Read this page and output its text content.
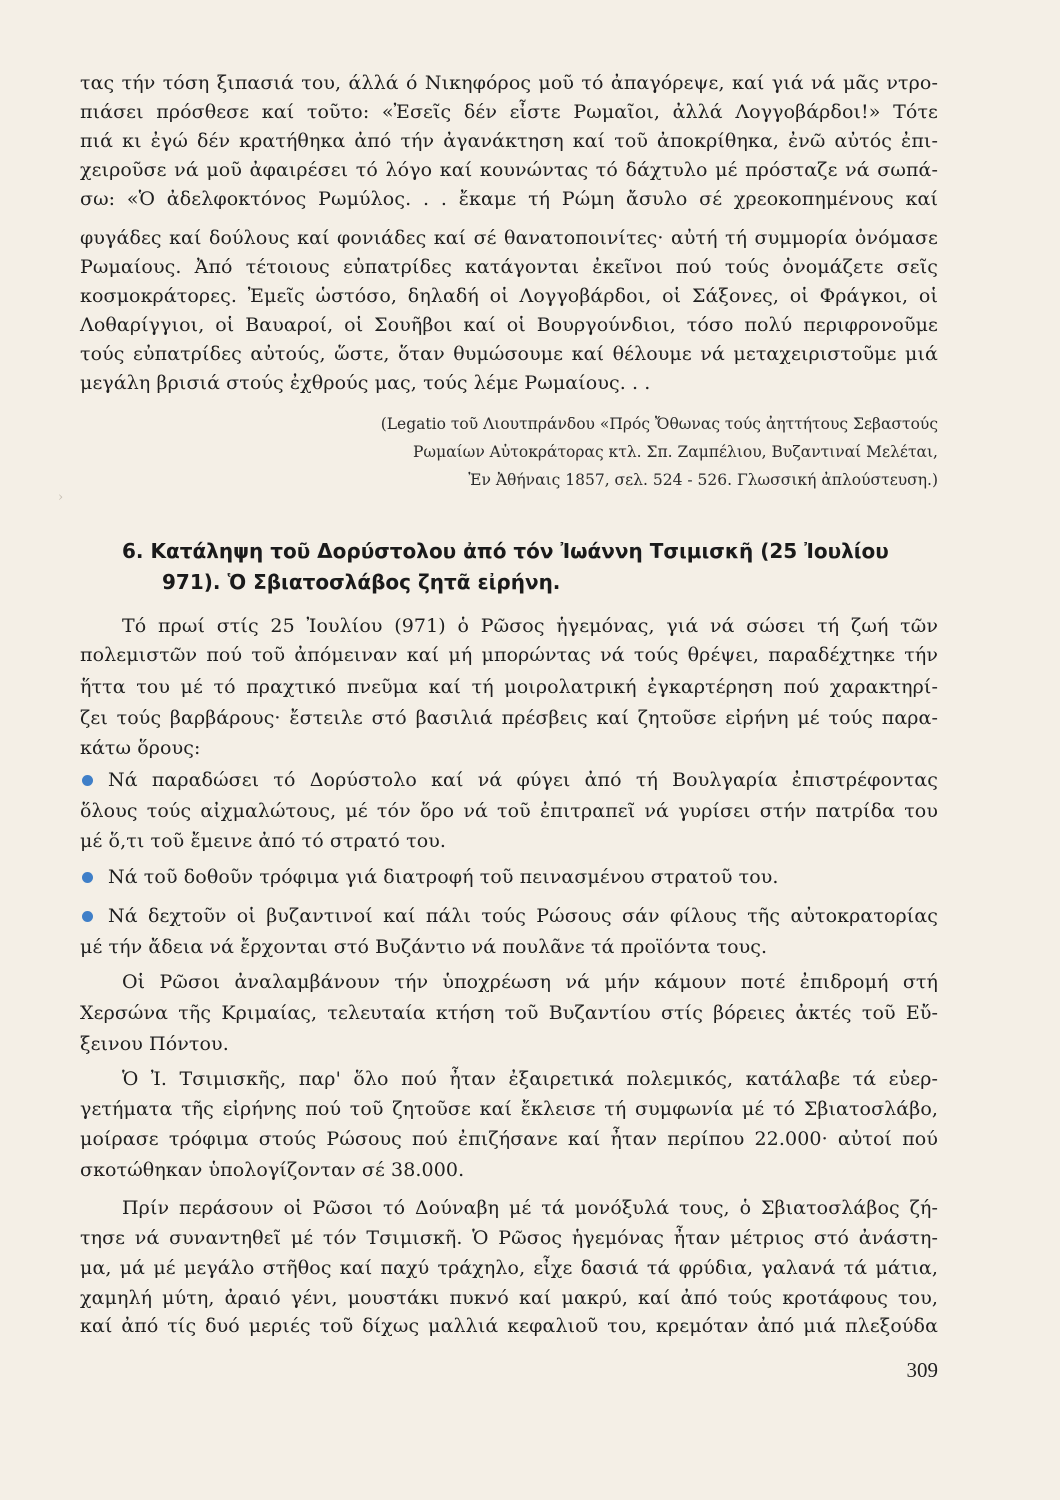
τας τήν τόση ξιπασιά του, άλλά ό Νικηφόρος μοῦ τό ἀπαγόρεψε, καί γιά νά μᾶς ντρο-
πιάσει πρόσθεσε καί τοῦτο: «Ἐσεῖς δέν εἶστε Ρωμαῖοι, ἀλλά Λογγοβάρδοι!» Τότε
πιά κι ἐγώ δέν κρατήθηκα ἀπό τήν ἀγανάκτηση καί τοῦ ἀποκρίθηκα, ἐνῶ αὐτός ἐπι-
χειροῦσε νά μοῦ ἀφαιρέσει τό λόγο καί κουνώντας τό δάχτυλο μέ πρόσταζε νά σωπά-
σω: «Ὁ ἀδελφοκτόνος Ρωμύλος. . . ἔκαμε τή Ρώμη ἄσυλο σέ χρεοκοπημένους καί
φυγάδες καί δούλους καί φονιάδες καί σέ θανατοποινίτες· αὐτή τή συμμορία ὀνόμασε
Ρωμαίους. Ἀπό τέτοιους εὐπατρίδες κατάγονται ἐκεῖνοι πού τούς ὀνομάζετε σεῖς
κοσμοκράτορες. Ἐμεῖς ὡστόσο, δηλαδή οἱ Λογγοβάρδοι, οἱ Σάξονες, οἱ Φράγκοι, οἱ
Λοθαρίγγιοι, οἱ Βαυαροί, οἱ Σουῆβοι καί οἱ Βουργούνδιοι, τόσο πολύ περιφρονοῦμε
τούς εὐπατρίδες αὐτούς, ὥστε, ὅταν θυμώσουμε καί θέλουμε νά μεταχειριστοῦμε μιά
μεγάλη βρισιά στούς ἐχθρούς μας, τούς λέμε Ρωμαίους. . .
(Legatio τοῦ Λιουτπράνδου «Πρός Ὄθωνας τούς ἀηττήτους Σεβαστούς
Ρωμαίων Αὐτοκράτορας κτλ. Σπ. Ζαμπέλιου, Βυζαντιναί Μελέται,
Ἐν Ἀθήναις 1857, σελ. 524 - 526. Γλωσσική ἀπλούστευση.)
›
6. Κατάληψη τοῦ Δορύστολου ἀπό τόν Ἰωάννη Τσιμισκῆ (25 Ἰουλίου
971). Ὁ Σβιατοσλάβος ζητᾶ εἰρήνη.
Τό πρωί στίς 25 Ἰουλίου (971) ὁ Ρῶσος ἡγεμόνας, γιά νά σώσει τή ζωή τῶν
πολεμιστῶν πού τοῦ ἀπόμειναν καί μή μπορώντας νά τούς θρέψει, παραδέχτηκε τήν
ἥττα του μέ τό πραχτικό πνεῦμα καί τή μοιρολατρική ἐγκαρτέρηση πού χαρακτηρί-
ζει τούς βαρβάρους· ἔστειλε στό βασιλιά πρέσβεις καί ζητοῦσε εἰρήνη μέ τούς παρα-
κάτω ὅρους:
Νά παραδώσει τό Δορύστολο καί νά φύγει ἀπό τή Βουλγαρία ἐπιστρέφοντας
ὅλους τούς αἰχμαλώτους, μέ τόν ὅρο νά τοῦ ἐπιτραπεῖ νά γυρίσει στήν πατρίδα του
μέ ὅ,τι τοῦ ἔμεινε ἀπό τό στρατό του.
Νά τοῦ δοθοῦν τρόφιμα γιά διατροφή τοῦ πεινασμένου στρατοῦ του.
Νά δεχτοῦν οἱ βυζαντινοί καί πάλι τούς Ρώσους σάν φίλους τῆς αὐτοκρατορίας
μέ τήν ἄδεια νά ἔρχονται στό Βυζάντιο νά πουλᾶνε τά προϊόντα τους.
Οἱ Ρῶσοι ἀναλαμβάνουν τήν ὑποχρέωση νά μήν κάμουν ποτέ ἐπιδρομή στή
Χερσώνα τῆς Κριμαίας, τελευταία κτήση τοῦ Βυζαντίου στίς βόρειες ἀκτές τοῦ Εὔ-
ξεινου Πόντου.
Ὁ Ἰ. Τσιμισκῆς, παρ' ὅλο πού ἦταν ἐξαιρετικά πολεμικός, κατάλαβε τά εὐερ-
γετήματα τῆς εἰρήνης πού τοῦ ζητοῦσε καί ἔκλεισε τή συμφωνία μέ τό Σβιατοσλάβο,
μοίρασε τρόφιμα στούς Ρώσους πού ἐπιζήσανε καί ἦταν περίπου 22.000· αὐτοί πού
σκοτώθηκαν ὑπολογίζονταν σέ 38.000.
Πρίν περάσουν οἱ Ρῶσοι τό Δούναβη μέ τά μονόξυλά τους, ὁ Σβιατοσλάβος ζή-
τησε νά συναντηθεῖ μέ τόν Τσιμισκῆ. Ὁ Ρῶσος ἡγεμόνας ἦταν μέτριος στό ἀνάστη-
μα, μά μέ μεγάλο στῆθος καί παχύ τράχηλο, εἶχε δασιά τά φρύδια, γαλανά τά μάτια,
χαμηλή μύτη, ἀραιό γένι, μουστάκι πυκνό καί μακρύ, καί ἀπό τούς κροτάφους του,
καί ἀπό τίς δυό μεριές τοῦ δίχως μαλλιά κεφαλιοῦ του, κρεμόταν ἀπό μιά πλεξούδα
309
